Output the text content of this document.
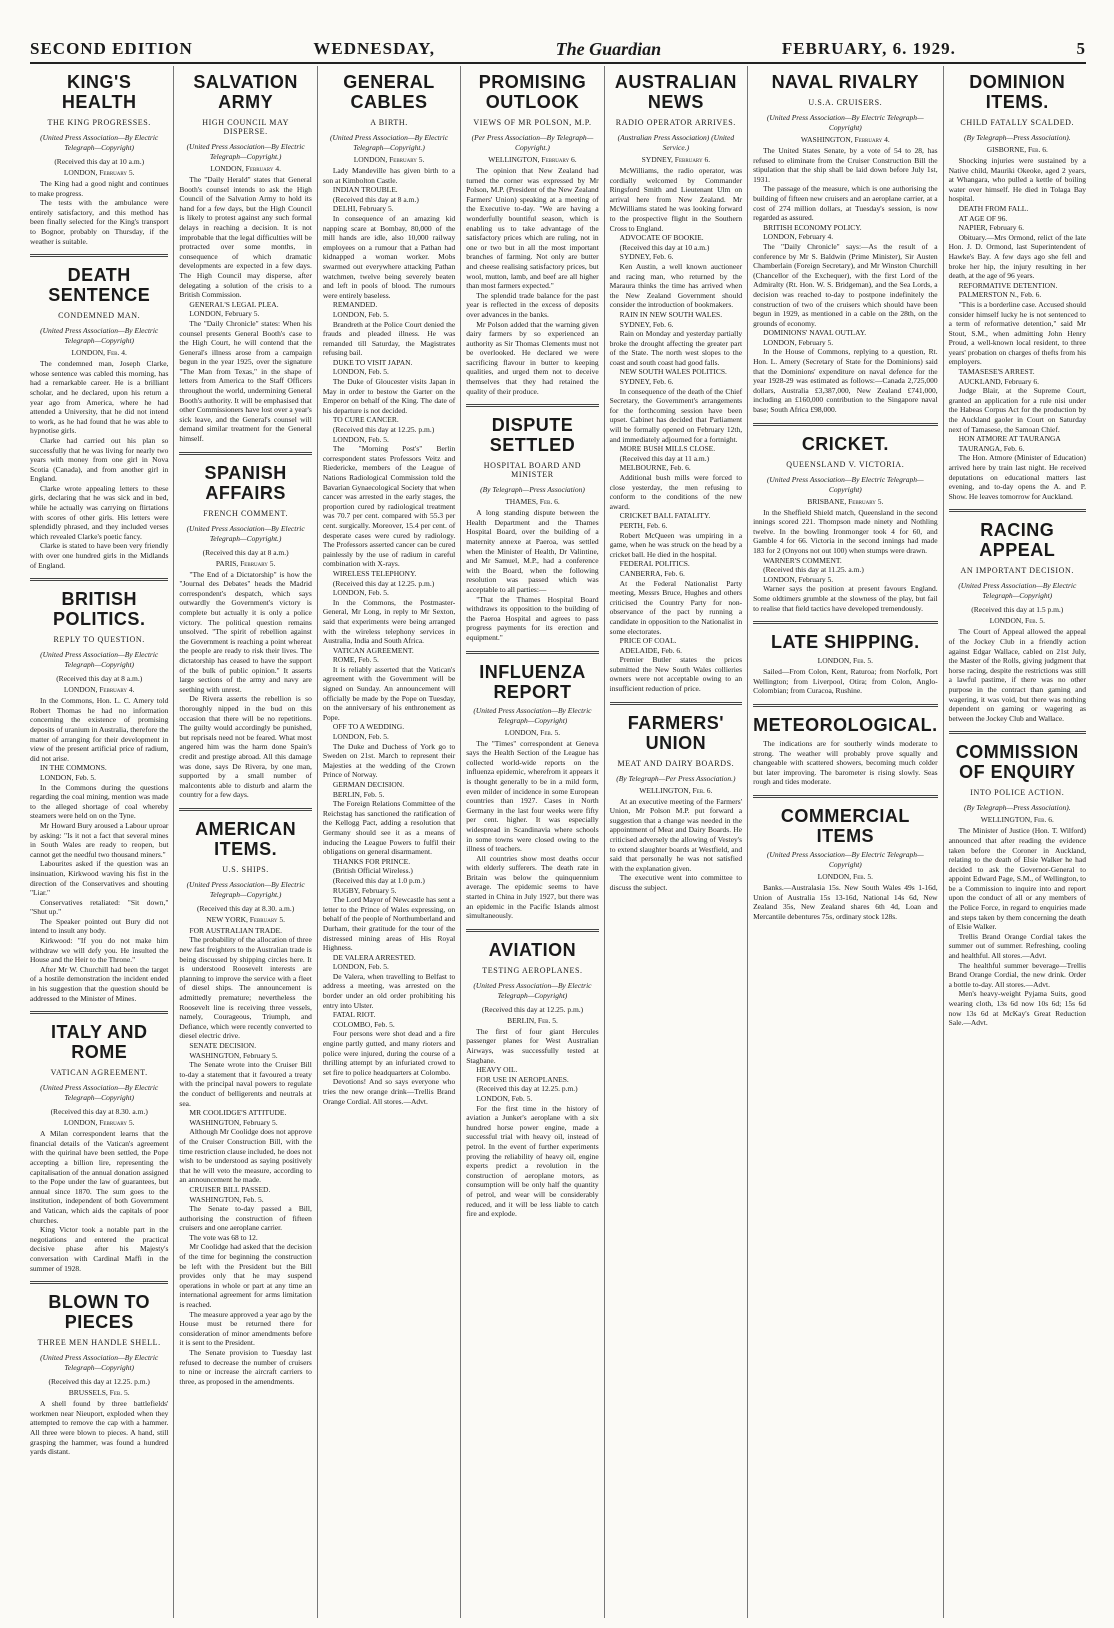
SECOND EDITION	WEDNESDAY,	The Guardian	FEBRUARY, 6. 1929.	5
KING'S HEALTH
THE KING PROGRESSES.
(United Press Association—By Electric Telegraph—Copyright)
(Received this day at 10 a.m.)
LONDON, February 5.

The King had a good night and continues to make progress.

The tests with the ambulance were entirely satisfactory, and this method has been finally selected for the King's transport to Bognor, probably on Thursday, if the weather is suitable.

DEATH SENTENCE
CONDEMNED MAN.
(United Press Association—By Electric Telegraph—Copyright)
LONDON, Feb. 4.

The condemned man, Joseph Clarke, whose sentence was cabled this morning, has had a remarkable career. He is a brilliant scholar, and he declared, upon his return a year ago from America, where he had attended a University, that he did not intend to work, as he had found that he was able to hypnotise girls.

Clarke had carried out his plan so successfully that he was living for nearly two years with money from one girl in Nova Scotia (Canada), and from another girl in England.

Clarke wrote appealing letters to these girls, declaring that he was sick and in bed, while he actually was carrying on flirtations with scores of other girls. His letters were splendidly phrased, and they included verses which revealed Clarke's poetic fancy.

Clarke is stated to have been very friendly with over one hundred girls in the Midlands of England.

BRITISH POLITICS.
REPLY TO QUESTION.
(United Press Association—By Electric Telegraph—Copyright)
(Received this day at 8 a.m.)
LONDON, February 4.

In the Commons, Hon. L. C. Amery told Robert Thomas he had no information concerning the existence of promising deposits of uranium in Australia, therefore the matter of arranging for their development in view of the present artificial price of radium, did not arise.

IN THE COMMONS.

LONDON, Feb. 5.

In the Commons during the questions regarding the coal mining, mention was made to the alleged shortage of coal whereby steamers were held on on the Tyne.

Mr Howard Bury aroused a Labour uproar by asking: "Is it not a fact that several mines in South Wales are ready to reopen, but cannot get the needful two thousand miners."

Labourites asked if the question was an insinuation, Kirkwood waving his fist in the direction of the Conservatives and shouting "Liar."

Conservatives retaliated: "Sit down," "Shut up."

The Speaker pointed out Bury did not intend to insult any body.

Kirkwood: "If you do not make him withdraw we will defy you. He insulted the House and the Heir to the Throne."

After Mr W. Churchill had been the target of a hostile demonstration the incident ended in his suggestion that the question should be addressed to the Minister of Mines.

ITALY AND ROME
VATICAN AGREEMENT.
(United Press Association—By Electric Telegraph—Copyright)
(Received this day at 8.30. a.m.)
LONDON, February 5.

A Milan correspondent learns that the financial details of the Vatican's agreement with the quirinal have been settled, the Pope accepting a billion lire, representing the capitalisation of the annual donation assigned to the Pope under the law of guarantees, but annual since 1870. The sum goes to the institution, independent of both Government and Vatican, which aids the capitals of poor churches.

King Victor took a notable part in the negotiations and entered the practical decisive phase after his Majesty's conversation with Cardinal Maffi in the summer of 1928.

BLOWN TO PIECES
THREE MEN HANDLE SHELL.
(United Press Association—By Electric Telegraph—Copyright)
(Received this day at 12.25. p.m.)
BRUSSELS, Feb. 5.

A shell found by three battlefields' workmen near Nieuport, exploded when they attempted to remove the cap with a hammer. All three were blown to pieces. A hand, still grasping the hammer, was found a hundred yards distant.

SALVATION ARMY
HIGH COUNCIL MAY DISPERSE.
(United Press Association—By Electric Telegraph—Copyright.)
LONDON, February 4.

The "Daily Herald" states that General Booth's counsel intends to ask the High Council of the Salvation Army to hold its hand for a few days, but the High Council is likely to protest against any such formal delays in reaching a decision. It is not improbable that the legal difficulties will be protracted over some months, in consequence of which dramatic developments are expected in a few days. The High Council may disperse, after delegating a solution of the crisis to a British Commission.

GENERAL'S LEGAL PLEA.

LONDON, February 5.

The "Daily Chronicle" states: When his counsel presents General Booth's case to the High Court, he will contend that the General's illness arose from a campaign begun in the year 1925, over the signature "The Man from Texas," in the shape of letters from America to the Staff Officers throughout the world, undermining General Booth's authority. It will be emphasised that other Commissioners have lost over a year's sick leave, and the General's counsel will demand similar treatment for the General himself.

SPANISH AFFAIRS
FRENCH COMMENT.
(United Press Association—By Electric Telegraph—Copyright.)
(Received this day at 8 a.m.)
PARIS, February 5.

"The End of a Dictatorship" is how the "Journal des Debates" heads the Madrid correspondent's despatch, which says outwardly the Government's victory is complete but actually it is only a police victory. The political question remains unsolved. "The spirit of rebellion against the Government is reaching a point whereat the people are ready to risk their lives. The dictatorship has ceased to have the support of the bulk of public opinion." It asserts large sections of the army and navy are seething with unrest.

De Rivera asserts the rebellion is so thoroughly nipped in the bud on this occasion that there will be no repetitions. The guilty would accordingly be punished, but reprisals need not be feared. What most angered him was the harm done Spain's credit and prestige abroad. All this damage was done, says De Rivera, by one man, supported by a small number of malcontents able to disturb and alarm the country for a few days.

AMERICAN ITEMS.
U.S. SHIPS.
(United Press Association—By Electric Telegraph—Copyright.)
(Received this day at 8.30. a.m.)
NEW YORK, February 5.

FOR AUSTRALIAN TRADE.

The probability of the allocation of three new fast freighters to the Australian trade is being discussed by shipping circles here. It is understood Roosevelt interests are planning to improve the service with a fleet of diesel ships. The announcement is admittedly premature; nevertheless the Roosevelt line is receiving three vessels, namely, Courageous, Triumph, and Defiance, which were recently converted to diesel electric drive.

SENATE DECISION.

WASHINGTON, February 5.

The Senate wrote into the Cruiser Bill to-day a statement that it favoured a treaty with the principal naval powers to regulate the conduct of belligerents and neutrals at sea.

MR COOLIDGE'S ATTITUDE.

WASHINGTON, February 5.

Although Mr Coolidge does not approve of the Cruiser Construction Bill, with the time restriction clause included, he does not wish to be understood as saying positively that he will veto the measure, according to an announcement he made.

CRUISER BILL PASSED.

WASHINGTON, Feb. 5.

The Senate to-day passed a Bill, authorising the construction of fifteen cruisers and one aeroplane carrier.

The vote was 68 to 12.

Mr Coolidge had asked that the decision of the time for beginning the construction be left with the President but the Bill provides only that he may suspend operations in whole or part at any time an international agreement for arms limitation is reached.

The measure approved a year ago by the House must be returned there for consideration of minor amendments before it is sent to the President.

The Senate provision to Tuesday last refused to decrease the number of cruisers to nine or increase the aircraft carriers to three, as proposed in the amendments.

GENERAL CABLES
A BIRTH.
(United Press Association—By Electric Telegraph—Copyright.)
LONDON, February 5.

Lady Mandeville has given birth to a son at Kimbolton Castle.

INDIAN TROUBLE.

(Received this day at 8 a.m.)

DELHI, February 5.

In consequence of an amazing kid napping scare at Bombay, 80,000 of the mill hands are idle, also 10,000 railway employees on a rumour that a Pathan had kidnapped a woman worker. Mobs swarmed out everywhere attacking Pathan watchmen, twelve being severely beaten and left in pools of blood. The rumours were entirely baseless.

REMANDED.

LONDON, Feb. 5.

Brandreth at the Police Court denied the frauds and pleaded illness. He was remanded till Saturday, the Magistrates refusing bail.

DUKE TO VISIT JAPAN.

LONDON, Feb. 5.

The Duke of Gloucester visits Japan in May in order to bestow the Garter on the Emperor on behalf of the King. The date of his departure is not decided.

TO CURE CANCER.

(Received this day at 12.25. p.m.)

LONDON, Feb. 5.

The "Morning Post's" Berlin correspondent states Professors Veitz and Riedericke, members of the League of Nations Radiological Commission told the Bavarian Gynaecological Society that when cancer was arrested in the early stages, the proportion cured by radiological treatment was 70.7 per cent. compared with 55.3 per cent. surgically. Moreover, 15.4 per cent. of desperate cases were cured by radiology. The Professors asserted cancer can be cured painlessly by the use of radium in careful combination with X-rays.

WIRELESS TELEPHONY.

(Received this day at 12.25. p.m.)

LONDON, Feb. 5.

In the Commons, the Postmaster-General, Mr Long, in reply to Mr Sexton, said that experiments were being arranged with the wireless telephony services in Australia, India and South Africa.

VATICAN AGREEMENT.

ROME, Feb. 5.

It is reliably asserted that the Vatican's agreement with the Government will be signed on Sunday. An announcement will officially be made by the Pope on Tuesday, on the anniversary of his enthronement as Pope.

OFF TO A WEDDING.

LONDON, Feb. 5.

The Duke and Duchess of York go to Sweden on 21st. March to represent their Majesties at the wedding of the Crown Prince of Norway.

GERMAN DECISION.

BERLIN, Feb. 5.

The Foreign Relations Committee of the Reichstag has sanctioned the ratification of the Kellogg Pact, adding a resolution that Germany should see it as a means of inducing the League Powers to fulfil their obligations on general disarmament.

THANKS FOR PRINCE.

(British Official Wireless.)

(Received this day at 1.0 p.m.)

RUGBY, February 5.

The Lord Mayor of Newcastle has sent a letter to the Prince of Wales expressing, on behalf of the people of Northumberland and Durham, their gratitude for the tour of the distressed mining areas of His Royal Highness.

DE VALERA ARRESTED.

LONDON, Feb. 5.

De Valera, when travelling to Belfast to address a meeting, was arrested on the border under an old order prohibiting his entry into Ulster.

FATAL RIOT.

COLOMBO, Feb. 5.

Four persons were shot dead and a fire engine partly gutted, and many rioters and police were injured, during the course of a thrilling attempt by an infuriated crowd to set fire to police headquarters at Colombo.

Devotions! And so says everyone who tries the new orange drink—Trellis Brand Orange Cordial. All stores.—Advt.

PROMISING OUTLOOK
VIEWS OF MR POLSON, M.P.
(Per Press Association—By Telegraph—Copyright.)
WELLINGTON, February 6.

The opinion that New Zealand had turned the corner was expressed by Mr Polson, M.P. (President of the New Zealand Farmers' Union) speaking at a meeting of the Executive to-day. "We are having a wonderfully bountiful season, which is enabling us to take advantage of the satisfactory prices which are ruling, not in one or two but in all the most important branches of farming. Not only are butter and cheese realising satisfactory prices, but wool, mutton, lamb, and beef are all higher than most farmers expected."

The splendid trade balance for the past year is reflected in the excess of deposits over advances in the banks.

Mr Polson added that the warning given dairy farmers by so experienced an authority as Sir Thomas Clements must not be overlooked. He declared we were sacrificing flavour in butter to keeping qualities, and urged them not to deceive themselves that they had retained the quality of their produce.

DISPUTE SETTLED
HOSPITAL BOARD AND MINISTER
(By Telegraph—Press Association)
THAMES, Feb. 6.

A long standing dispute between the Health Department and the Thames Hospital Board, over the building of a maternity annexe at Paeroa, was settled when the Minister of Health, Dr Valintine, and Mr Samuel, M.P., had a conference with the Board, when the following resolution was passed which was acceptable to all parties:—

"That the Thames Hospital Board withdraws its opposition to the building of the Paeroa Hospital and agrees to pass progress payments for its erection and equipment."

INFLUENZA REPORT
(United Press Association—By Electric Telegraph—Copyright)
LONDON, Feb. 5.

The "Times" correspondent at Geneva says the Health Section of the League has collected world-wide reports on the influenza epidemic, wherefrom it appears it is thought generally to be in a mild form, even milder of incidence in some European countries than 1927. Cases in North Germany in the last four weeks were fifty per cent. higher. It was especially widespread in Scandinavia where schools in some towns were closed owing to the illness of teachers.

All countries show most deaths occur with elderly sufferers. The death rate in Britain was below the quinquennium average. The epidemic seems to have started in China in July 1927, but there was an epidemic in the Pacific Islands almost simultaneously.

AVIATION
TESTING AEROPLANES.
(United Press Association—By Electric Telegraph—Copyright)
(Received this day at 12.25. p.m.)
BERLIN, Feb. 5.

The first of four giant Hercules passenger planes for West Australian Airways, was successfully tested at Stagbane.

HEAVY OIL.

FOR USE IN AEROPLANES.

(Received this day at 12.25. p.m.)

LONDON, Feb. 5.

For the first time in the history of aviation a Junker's aeroplane with a six hundred horse power engine, made a successful trial with heavy oil, instead of petrol. In the event of further experiments proving the reliability of heavy oil, engine experts predict a revolution in the construction of aeroplane motors, as consumption will be only half the quantity of petrol, and wear will be considerably reduced, and it will be less liable to catch fire and explode.

AUSTRALIAN NEWS
RADIO OPERATOR ARRIVES.
(Australian Press Association) (United Service.)
SYDNEY, February 6.

McWilliams, the radio operator, was cordially welcomed by Commander Ringsford Smith and Lieutenant Ulm on arrival here from New Zealand. Mr McWilliams stated he was looking forward to the prospective flight in the Southern Cross to England.

ADVOCATE OF BOOKIE.

(Received this day at 10 a.m.)

SYDNEY, Feb. 6.

Ken Austin, a well known auctioneer and racing man, who returned by the Maraura thinks the time has arrived when the New Zealand Government should consider the introduction of bookmakers.

RAIN IN NEW SOUTH WALES.

SYDNEY, Feb. 6.

Rain on Monday and yesterday partially broke the drought affecting the greater part of the State. The north west slopes to the coast and south coast had good falls.

NEW SOUTH WALES POLITICS.

SYDNEY, Feb. 6.

In consequence of the death of the Chief Secretary, the Government's arrangements for the forthcoming session have been upset. Cabinet has decided that Parliament will be formally opened on February 12th, and immediately adjourned for a fortnight.

MORE BUSH MILLS CLOSE.

(Received this day at 11 a.m.)

MELBOURNE, Feb. 6.

Additional bush mills were forced to close yesterday, the men refusing to conform to the conditions of the new award.

CRICKET BALL FATALITY.

PERTH, Feb. 6.

Robert McQueen was umpiring in a game, when he was struck on the head by a cricket ball. He died in the hospital.

FEDERAL POLITICS.

CANBERRA, Feb. 6.

At the Federal Nationalist Party meeting, Messrs Bruce, Hughes and others criticised the Country Party for non-observance of the pact by running a candidate in opposition to the Nationalist in some electorates.

PRICE OF COAL.

ADELAIDE, Feb. 6.

Premier Butler states the prices submitted the New South Wales collieries owners were not acceptable owing to an insufficient reduction of price.

FARMERS' UNION
MEAT AND DAIRY BOARDS.
(By Telegraph—Per Press Association.)
WELLINGTON, Feb. 6.

At an executive meeting of the Farmers' Union, Mr Polson M.P. put forward a suggestion that a change was needed in the appointment of Meat and Dairy Boards. He criticised adversely the allowing of Vestey's to extend slaughter boards at Westfield, and said that personally he was not satisfied with the explanation given.

The executive went into committee to discuss the subject.

NAVAL RIVALRY
U.S.A. CRUISERS.
(United Press Association—By Electric Telegraph—Copyright)
WASHINGTON, February 4.

The United States Senate, by a vote of 54 to 28, has refused to eliminate from the Cruiser Construction Bill the stipulation that the ship shall be laid down before July 1st, 1931.

The passage of the measure, which is one authorising the building of fifteen new cruisers and an aeroplane carrier, at a cost of 274 million dollars, at Tuesday's session, is now regarded as assured.

BRITISH ECONOMY POLICY.

LONDON, February 4.

The "Daily Chronicle" says:—As the result of a conference by Mr S. Baldwin (Prime Minister), Sir Austen Chamberlain (Foreign Secretary), and Mr Winston Churchill (Chancellor of the Exchequer), with the first Lord of the Admiralty (Rt. Hon. W. S. Bridgeman), and the Sea Lords, a decision was reached to-day to postpone indefinitely the construction of two of the cruisers which should have been begun in 1929, as mentioned in a cable on the 28th, on the grounds of economy.

DOMINIONS' NAVAL OUTLAY.

LONDON, February 5.

In the House of Commons, replying to a question, Rt. Hon. L. Amery (Secretary of State for the Dominions) said that the Dominions' expenditure on naval defence for the year 1928-29 was estimated as follows:—Canada 2,725,000 dollars, Australia £3,387,000, New Zealand £741,000, including an £160,000 contribution to the Singapore naval base; South Africa £98,000.

CRICKET.
QUEENSLAND V. VICTORIA.
(United Press Association—By Electric Telegraph—Copyright)
BRISBANE, February 5.

In the Sheffield Shield match, Queensland in the second innings scored 221. Thompson made ninety and Nothling twelve. In the bowling Ironmonger took 4 for 60, and Gamble 4 for 66. Victoria in the second innings had made 183 for 2 (Onyons not out 100) when stumps were drawn.

WARNER'S COMMENT.

(Received this day at 11.25. a.m.)

LONDON, February 5.

Warner says the position at present favours England. Some oldtimers grumble at the slowness of the play, but fail to realise that field tactics have developed tremendously.

LATE SHIPPING.
LONDON, Feb. 5.

Sailed—From Colon, Kent, Raturoa; from Norfolk, Port Wellington; from Liverpool, Otira; from Colon, Anglo-Colombian; from Curacoa, Rushine.

METEOROLOGICAL.

The indications are for southerly winds moderate to strong. The weather will probably prove squally and changeable with scattered showers, becoming much colder but later improving. The barometer is rising slowly. Seas rough and tides moderate.

COMMERCIAL ITEMS
(United Press Association—By Electric Telegraph—Copyright)
LONDON, Feb. 5.

Banks.—Australasia 15s. New South Wales 49s 1-16d, Union of Australia 15s 13-16d, National 14s 6d, New Zealand 35s, New Zealand shares 6th 4d, Loan and Mercantile debentures 75s, ordinary stock 128s.

DOMINION ITEMS.
CHILD FATALLY SCALDED.
(By Telegraph—Press Association).
GISBORNE, Feb. 6.

Shocking injuries were sustained by a Native child, Mauriki Okeoke, aged 2 years, at Whangara, who pulled a kettle of boiling water over himself. He died in Tolaga Bay hospital.

DEATH FROM FALL.

AT AGE OF 96.

NAPIER, February 6.

Obituary.—Mrs Ormond, relict of the late Hon. J. D. Ormond, last Superintendent of Hawke's Bay. A few days ago she fell and broke her hip, the injury resulting in her death, at the age of 96 years.

REFORMATIVE DETENTION.

PALMERSTON N., Feb. 6.

"This is a borderline case. Accused should consider himself lucky he is not sentenced to a term of reformative detention," said Mr Stout, S.M., when admitting John Henry Proud, a well-known local resident, to three years' probation on charges of thefts from his employers.

TAMASESE'S ARREST.

AUCKLAND, February 6.

Judge Blair, at the Supreme Court, granted an application for a rule nisi under the Habeas Corpus Act for the production by the Auckland gaoler in Court on Saturday next of Tamasese, the Samoan Chief.

HON ATMORE AT TAURANGA

TAURANGA, Feb. 6.

The Hon. Atmore (Minister of Education) arrived here by train last night. He received deputations on educational matters last evening, and to-day opens the A. and P. Show. He leaves tomorrow for Auckland.

RACING APPEAL
AN IMPORTANT DECISION.
(United Press Association—By Electric Telegraph—Copyright)
(Received this day at 1.5 p.m.)
LONDON, Feb. 5.

The Court of Appeal allowed the appeal of the Jockey Club in a friendly action against Edgar Wallace, cabled on 21st July, the Master of the Rolls, giving judgment that horse racing, despite the restrictions was still a lawful pastime, if there was no other purpose in the contract than gaming and wagering, it was void, but there was nothing dependent on gaming or wagering as between the Jockey Club and Wallace.

COMMISSION OF ENQUIRY
INTO POLICE ACTION.
(By Telegraph—Press Association).
WELLINGTON, Feb. 6.

The Minister of Justice (Hon. T. Wilford) announced that after reading the evidence taken before the Coroner in Auckland, relating to the death of Elsie Walker he had decided to ask the Governor-General to appoint Edward Page, S.M., of Wellington, to be a Commission to inquire into and report upon the conduct of all or any members of the Police Force, in regard to enquiries made and steps taken by them concerning the death of Elsie Walker.

Trellis Brand Orange Cordial takes the summer out of summer. Refreshing, cooling and healthful. All stores.—Advt.

The healthful summer beverage—Trellis Brand Orange Cordial, the new drink. Order a bottle to-day. All stores.—Advt.

Men's heavy-weight Pyjama Suits, good wearing cloth, 13s 6d now 10s 6d; 15s 6d now 13s 6d at McKay's Great Reduction Sale.—Advt.
